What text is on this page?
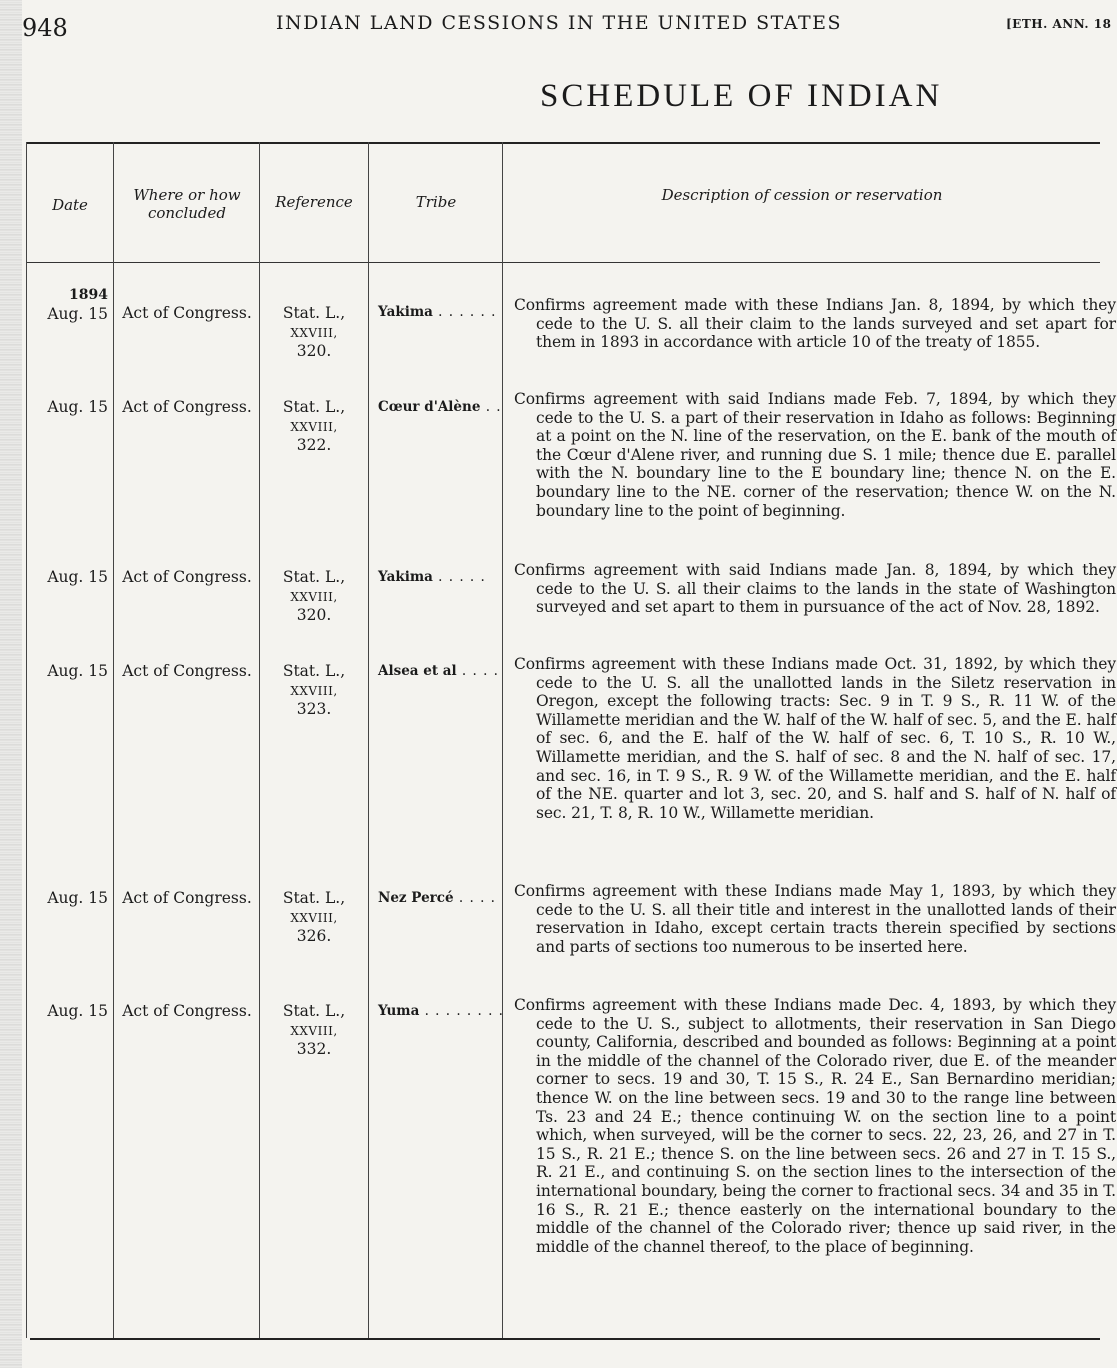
948	INDIAN LAND CESSIONS IN THE UNITED STATES	[ETH. ANN. 18
SCHEDULE OF INDIAN
Date
Where or how concluded
Reference	Tribe	Description of cession or reservation
1894
Aug. 15 Act of Congress.	Stat. L.,
XXVIII,
320.
Yakima . . . . . . Confirms agreement made with these Indians Jan. 8, 1894, by which they cede to the U. S. all their claim to the lands surveyed and set apart for them in 1893 in accordance with article 10 of the treaty of 1855.
Aug. 15 Act of Congress.	Stat. L.,
XXVIII,
322.
Cœur d'Alène . . Confirms agreement with said Indians made Feb. 7, 1894, by which they cede to the U. S. a part of their reservation in Idaho as follows: Beginning at a point on the N. line of the reservation, on the E. bank of the mouth of the Cœur d'Alene river, and running due S. 1 mile; thence due E. parallel with the N. boundary line to the E boundary line; thence N. on the E. boundary line to the NE. corner of the reservation; thence W. on the N. boundary line to the point of beginning.
Aug. 15 Act of Congress.	Stat. L.,
XXVIII,
320.
Yakima . . . . .	Confirms agreement with said Indians made Jan. 8, 1894, by which they cede to the U. S. all their claims to the lands in the state of Washington surveyed and set apart to them in pursuance of the act of Nov. 28, 1892.
Aug. 15 Act of Congress.	Stat. L.,
XXVIII,
323.
Alsea et al . . . . Confirms agreement with these Indians made Oct. 31, 1892, by which they cede to the U. S. all the unallotted lands in the Siletz reservation in Oregon, except the following tracts: Sec. 9 in T. 9 S., R. 11 W. of the Willamette meridian and the W. half of the W. half of sec. 5, and the E. half of sec. 6, and the E. half of the W. half of sec. 6, T. 10 S., R. 10 W., Willamette meridian, and the S. half of sec. 8 and the N. half of sec. 17, and sec. 16, in T. 9 S., R. 9 W. of the Willamette meridian, and the E. half of the NE. quarter and lot 3, sec. 20, and S. half and S. half of N. half of sec. 21, T. 8, R. 10 W., Willamette meridian.
Aug. 15 Act of Congress.	Stat. L.,
XXVIII,
326.
Nez Percé . . . . Confirms agreement with these Indians made May 1, 1893, by which they cede to the U. S. all their title and interest in the unallotted lands of their reservation in Idaho, except certain tracts therein specified by sections and parts of sections too numerous to be inserted here.
Aug. 15 Act of Congress.	Stat. L.,
XXVIII,
332.
Yuma . . . . . . . . Confirms agreement with these Indians made Dec. 4, 1893, by which they cede to the U. S., subject to allotments, their reservation in San Diego county, California, described and bounded as follows: Beginning at a point in the middle of the channel of the Colorado river, due E. of the meander corner to secs. 19 and 30, T. 15 S., R. 24 E., San Bernardino meridian; thence W. on the line between secs. 19 and 30 to the range line between Ts. 23 and 24 E.; thence continuing W. on the section line to a point which, when surveyed, will be the corner to secs. 22, 23, 26, and 27 in T. 15 S., R. 21 E.; thence S. on the line between secs. 26 and 27 in T. 15 S., R. 21 E., and continuing S. on the section lines to the intersection of the international boundary, being the corner to fractional secs. 34 and 35 in T. 16 S., R. 21 E.; thence easterly on the international boundary to the middle of the channel of the Colorado river; thence up said river, in the middle of the channel thereof, to the place of beginning.
